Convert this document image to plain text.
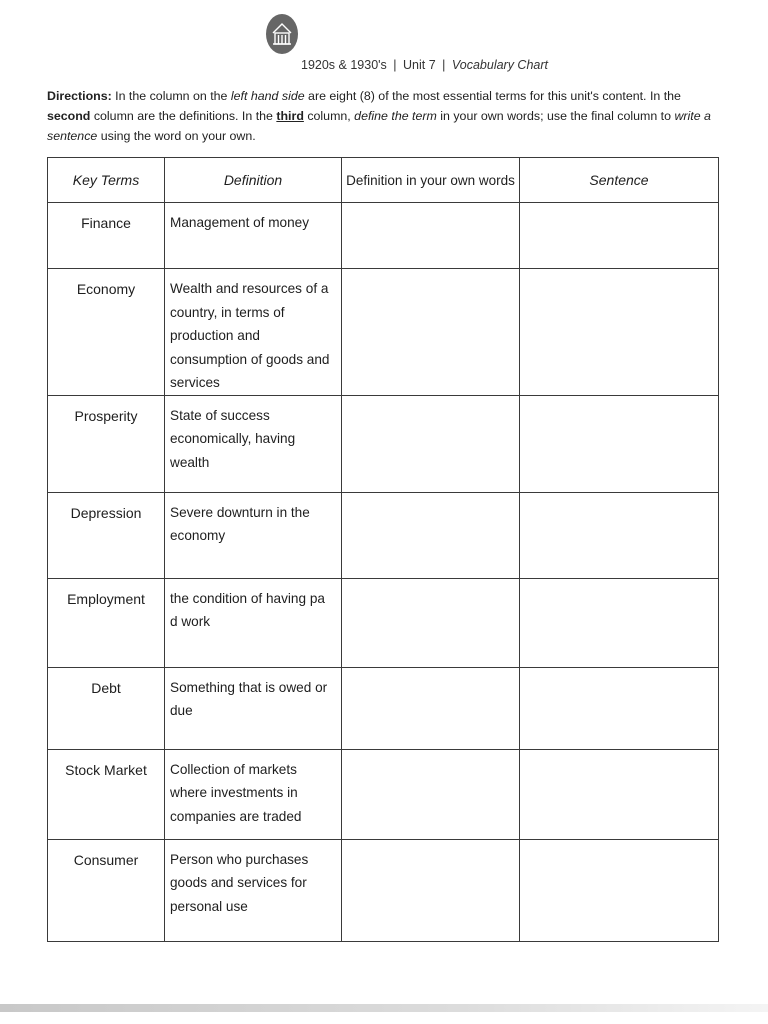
1920s & 1930's | Unit 7 | Vocabulary Chart
Directions: In the column on the left hand side are eight (8) of the most essential terms for this unit's content. In the second column are the definitions. In the third column, define the term in your own words; use the final column to write a sentence using the word on your own.
Key Terms	Definition	Definition in your own words	Sentence
Finance	Management of money		
Economy	Wealth and resources of a country, in terms of production and consumption of goods and services		
Prosperity	State of success economically, having wealth		
Depression	Severe downturn in the economy		
Employment	the condition of having pa d work		
Debt	Something that is owed or due		
Stock Market	Collection of markets where investments in companies are traded		
Consumer	Person who purchases goods and services for personal use		
